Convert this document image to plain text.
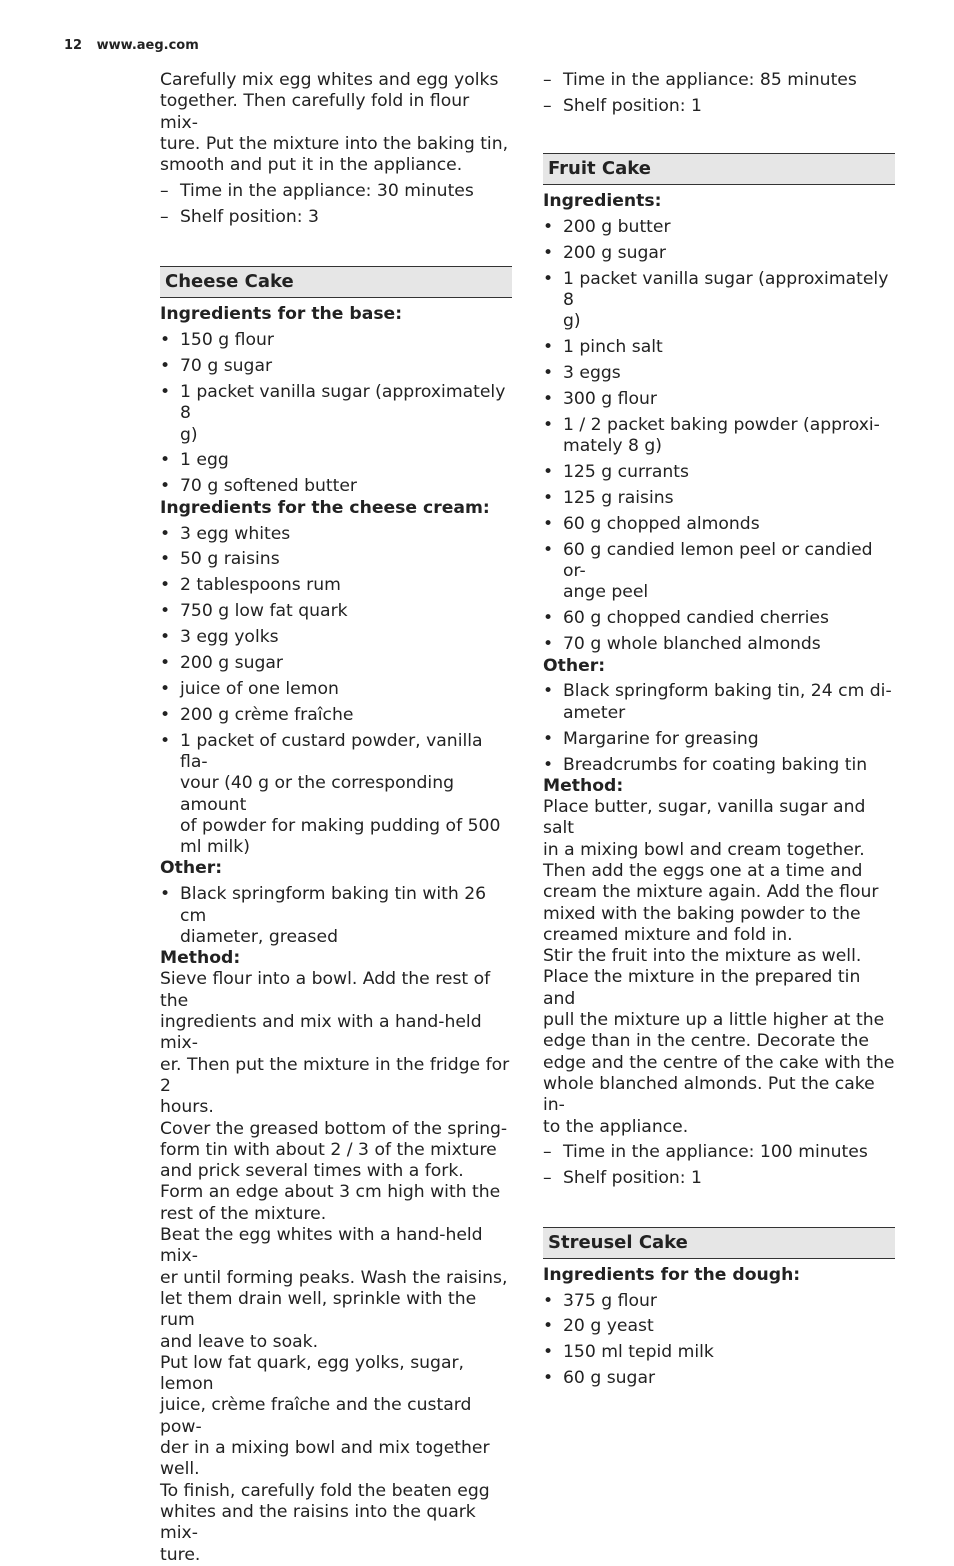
12 www.aeg.com
Carefully mix egg whites and egg yolks
together. Then carefully fold in flour mix-
ture. Put the mixture into the baking tin,
smooth and put it in the appliance.
– Time in the appliance: 30 minutes
– Shelf position: 3
Cheese Cake
Ingredients for the base:
• 150 g flour
• 70 g sugar
• 1 packet vanilla sugar (approximately 8
g)
• 1 egg
• 70 g softened butter
Ingredients for the cheese cream:
• 3 egg whites
• 50 g raisins
• 2 tablespoons rum
• 750 g low fat quark
• 3 egg yolks
• 200 g sugar
• juice of one lemon
• 200 g crème fraîche
• 1 packet of custard powder, vanilla fla-
vour (40 g or the corresponding amount
of powder for making pudding of 500
ml milk)
Other:
• Black springform baking tin with 26 cm
diameter, greased
Method:
Sieve flour into a bowl. Add the rest of the
ingredients and mix with a hand-held mix-
er. Then put the mixture in the fridge for 2
hours.
Cover the greased bottom of the spring-
form tin with about 2 / 3 of the mixture
and prick several times with a fork.
Form an edge about 3 cm high with the
rest of the mixture.
Beat the egg whites with a hand-held mix-
er until forming peaks. Wash the raisins,
let them drain well, sprinkle with the rum
and leave to soak.
Put low fat quark, egg yolks, sugar, lemon
juice, crème fraîche and the custard pow-
der in a mixing bowl and mix together
well.
To finish, carefully fold the beaten egg
whites and the raisins into the quark mix-
ture.
– Time in the appliance: 85 minutes
– Shelf position: 1
Fruit Cake
Ingredients:
• 200 g butter
• 200 g sugar
• 1 packet vanilla sugar (approximately 8
g)
• 1 pinch salt
• 3 eggs
• 300 g flour
• 1 / 2 packet baking powder (approxi-
mately 8 g)
• 125 g currants
• 125 g raisins
• 60 g chopped almonds
• 60 g candied lemon peel or candied or-
ange peel
• 60 g chopped candied cherries
• 70 g whole blanched almonds
Other:
• Black springform baking tin, 24 cm di-
ameter
• Margarine for greasing
• Breadcrumbs for coating baking tin
Method:
Place butter, sugar, vanilla sugar and salt
in a mixing bowl and cream together.
Then add the eggs one at a time and
cream the mixture again. Add the flour
mixed with the baking powder to the
creamed mixture and fold in.
Stir the fruit into the mixture as well.
Place the mixture in the prepared tin and
pull the mixture up a little higher at the
edge than in the centre. Decorate the
edge and the centre of the cake with the
whole blanched almonds. Put the cake in-
to the appliance.
– Time in the appliance: 100 minutes
– Shelf position: 1
Streusel Cake
Ingredients for the dough:
• 375 g flour
• 20 g yeast
• 150 ml tepid milk
• 60 g sugar
